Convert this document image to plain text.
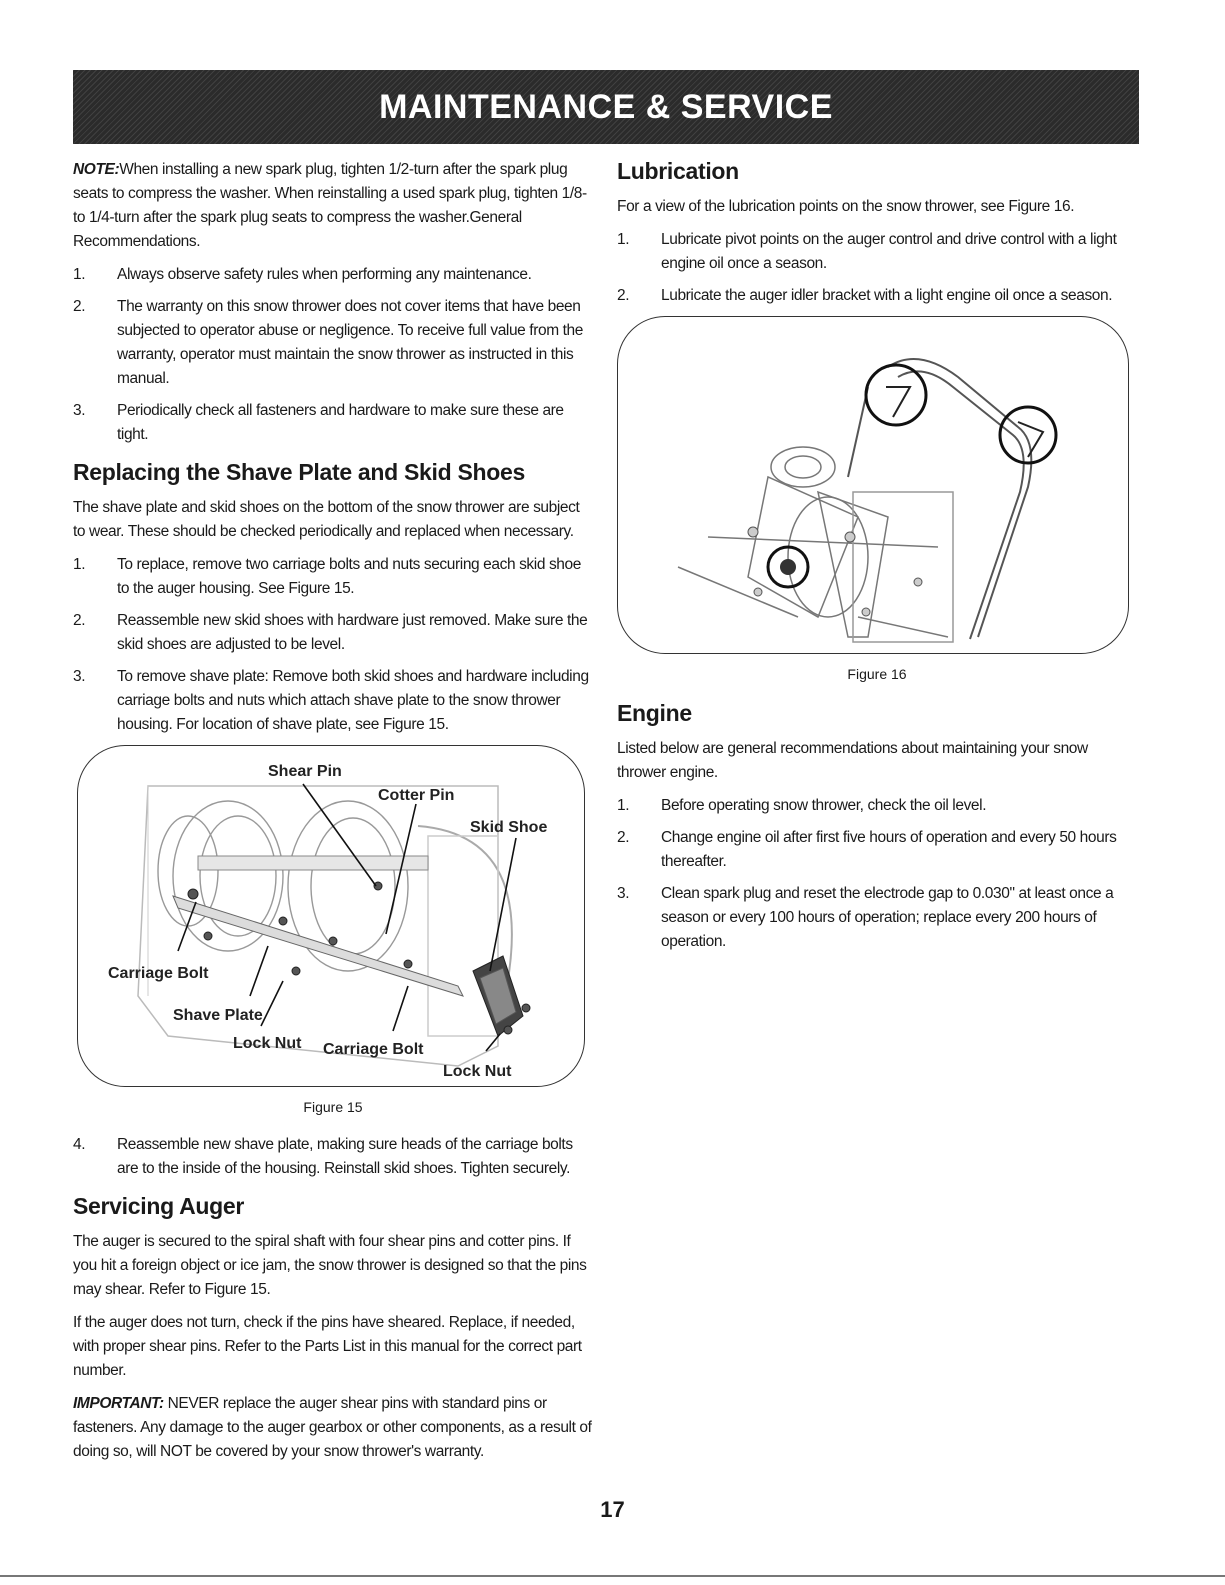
MAINTENANCE & SERVICE

NOTE:When installing a new spark plug, tighten 1/2-turn after the spark plug seats to compress the washer. When reinstalling a used spark plug, tighten 1/8- to 1/4-turn after the spark plug seats to compress the washer.General Recommendations.

1. Always observe safety rules when performing any maintenance.
2. The warranty on this snow thrower does not cover items that have been subjected to operator abuse or negligence. To receive full value from the warranty, operator must maintain the snow thrower as instructed in this manual.
3. Periodically check all fasteners and hardware to make sure these are tight.
Replacing the Shave Plate and Skid Shoes

The shave plate and skid shoes on the bottom of the snow thrower are subject to wear. These should be checked periodically and replaced when necessary.

1. To replace, remove two carriage bolts and nuts securing each skid shoe to the auger housing. See Figure 15.
2. Reassemble new skid shoes with hardware just removed. Make sure the skid shoes are adjusted to be level.
3. To remove shave plate: Remove both skid shoes and hardware including carriage bolts and nuts which attach shave plate to the snow thrower housing. For location of shave plate, see Figure 15.
Shear Pin
Cotter Pin
Skid Shoe
Carriage Bolt
Shave Plate
Lock Nut Carriage Bolt
Lock Nut
Figure 15
4. Reassemble new shave plate, making sure heads of the carriage bolts are to the inside of the housing. Reinstall skid shoes. Tighten securely.
Servicing Auger

The auger is secured to the spiral shaft with four shear pins and cotter pins. If you hit a foreign object or ice jam, the snow thrower is designed so that the pins may shear. Refer to Figure 15.

If the auger does not turn, check if the pins have sheared. Replace, if needed, with proper shear pins. Refer to the Parts List in this manual for the correct part number.

IMPORTANT: NEVER replace the auger shear pins with standard pins or fasteners. Any damage to the auger gearbox or other components, as a result of doing so, will NOT be covered by your snow thrower's warranty.

Lubrication

For a view of the lubrication points on the snow thrower, see Figure 16.

1. Lubricate pivot points on the auger control and drive control with a light engine oil once a season.
2. Lubricate the auger idler bracket with a light engine oil once a season.
Figure 16
Engine

Listed below are general recommendations about maintaining your snow thrower engine.

1. Before operating snow thrower, check the oil level.
2. Change engine oil after first five hours of operation and every 50 hours thereafter.
3. Clean spark plug and reset the electrode gap to 0.030" at least once a season or every 100 hours of operation; replace every 200 hours of operation.
17
